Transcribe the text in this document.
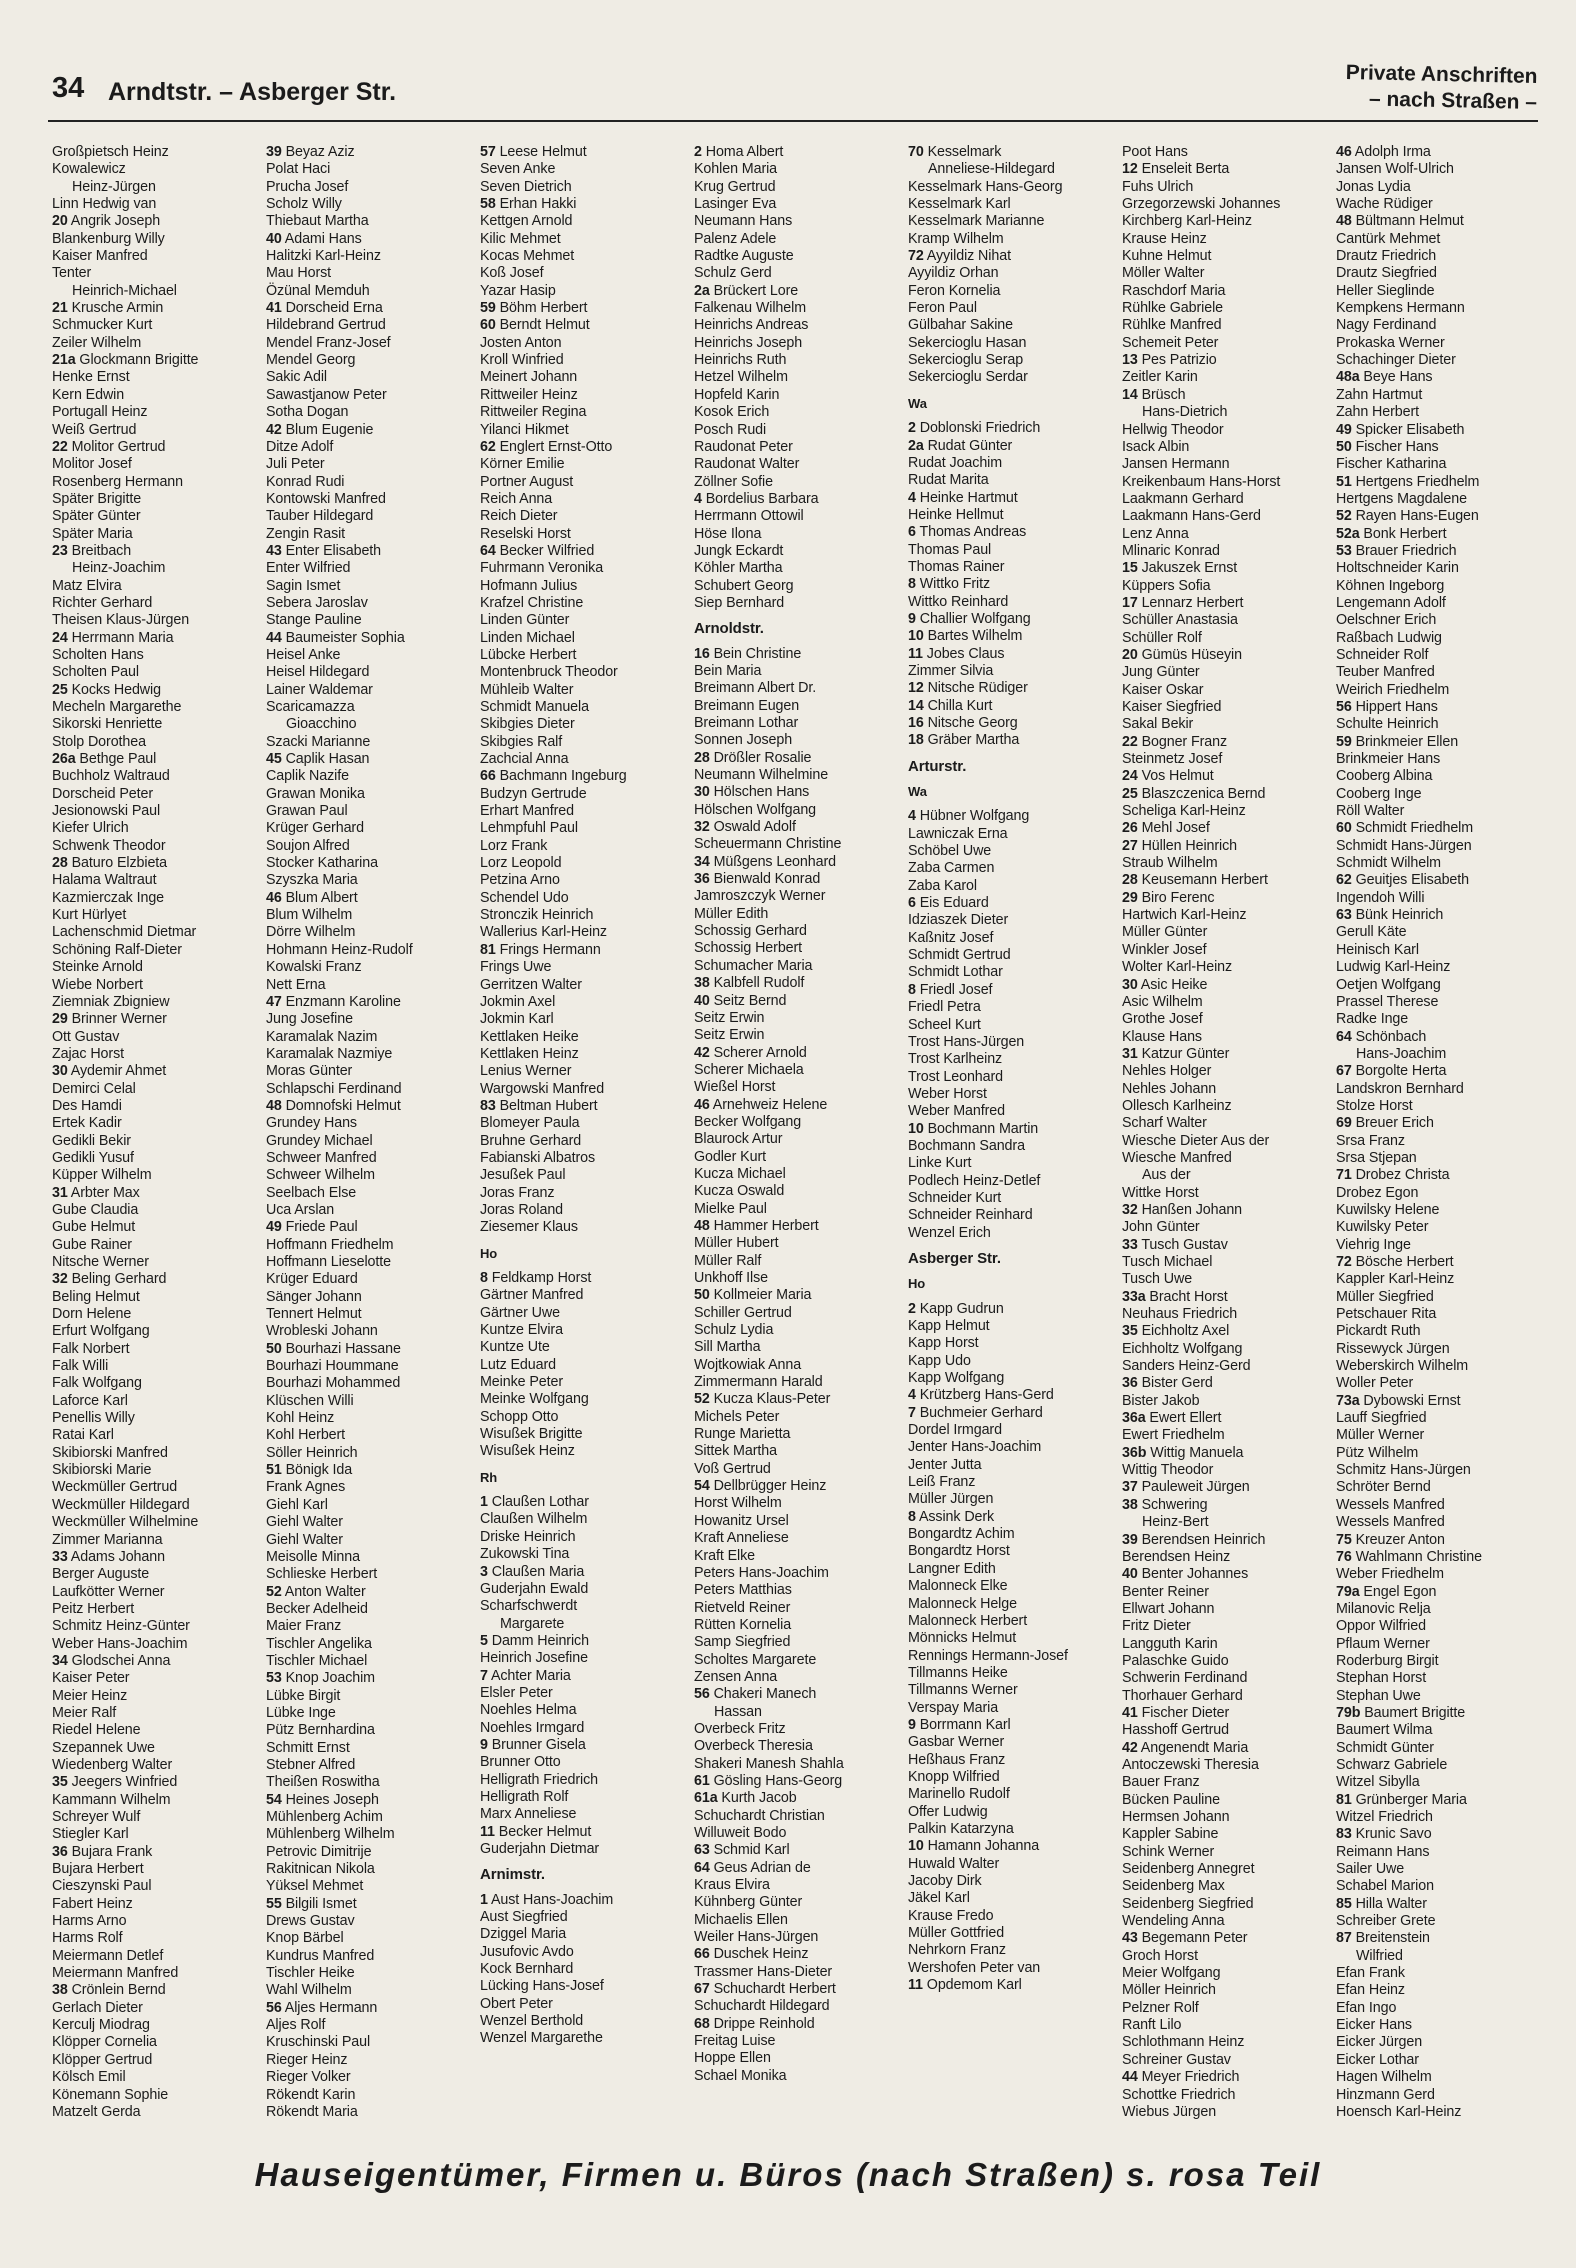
34 Arndtstr. – Asberger Str.
Private Anschriften
– nach Straßen –
Großpietsch Heinz
Kowalewicz
Heinz-Jürgen
Linn Hedwig van
20 Angrik Joseph
Blankenburg Willy
Kaiser Manfred
Tenter
Heinrich-Michael
21 Krusche Armin
Schmucker Kurt
Zeiler Wilhelm
21a Glockmann Brigitte
Henke Ernst
Kern Edwin
Portugall Heinz
Weiß Gertrud
22 Molitor Gertrud
Molitor Josef
Rosenberg Hermann
Später Brigitte
Später Günter
Später Maria
23 Breitbach
Heinz-Joachim
Matz Elvira
Richter Gerhard
Theisen Klaus-Jürgen
24 Herrmann Maria
Scholten Hans
Scholten Paul
25 Kocks Hedwig
Mecheln Margarethe
Sikorski Henriette
Stolp Dorothea
26a Bethge Paul
Buchholz Waltraud
Dorscheid Peter
Jesionowski Paul
Kiefer Ulrich
Schwenk Theodor
28 Baturo Elzbieta
Halama Waltraut
Kazmierczak Inge
Kurt Hürlyet
Lachenschmid Dietmar
Schöning Ralf-Dieter
Steinke Arnold
Wiebe Norbert
Ziemniak Zbigniew
29 Brinner Werner
Ott Gustav
Zajac Horst
30 Aydemir Ahmet
Demirci Celal
Des Hamdi
Ertek Kadir
Gedikli Bekir
Gedikli Yusuf
Küpper Wilhelm
31 Arbter Max
Gube Claudia
Gube Helmut
Gube Rainer
Nitsche Werner
32 Beling Gerhard
Beling Helmut
Dorn Helene
Erfurt Wolfgang
Falk Norbert
Falk Willi
Falk Wolfgang
Laforce Karl
Penellis Willy
Ratai Karl
Skibiorski Manfred
Skibiorski Marie
Weckmüller Gertrud
Weckmüller Hildegard
Weckmüller Wilhelmine
Zimmer Marianna
33 Adams Johann
Berger Auguste
Laufkötter Werner
Peitz Herbert
Schmitz Heinz-Günter
Weber Hans-Joachim
34 Glodschei Anna
Kaiser Peter
Meier Heinz
Meier Ralf
Riedel Helene
Szepannek Uwe
Wiedenberg Walter
35 Jeegers Winfried
Kammann Wilhelm
Schreyer Wulf
Stiegler Karl
36 Bujara Frank
Bujara Herbert
Cieszynski Paul
Fabert Heinz
Harms Arno
Harms Rolf
Meiermann Detlef
Meiermann Manfred
38 Crönlein Bernd
Gerlach Dieter
Kerculj Miodrag
Klöpper Cornelia
Klöpper Gertrud
Kölsch Emil
Könemann Sophie
Matzelt Gerda
39 Beyaz Aziz
Polat Haci
Prucha Josef
Scholz Willy
Thiebaut Martha
40 Adami Hans
Halitzki Karl-Heinz
Mau Horst
Özünal Memduh
41 Dorscheid Erna
Hildebrand Gertrud
Mendel Franz-Josef
Mendel Georg
Sakic Adil
Sawastjanow Peter
Sotha Dogan
42 Blum Eugenie
Ditze Adolf
Juli Peter
Konrad Rudi
Kontowski Manfred
Tauber Hildegard
Zengin Rasit
43 Enter Elisabeth
Enter Wilfried
Sagin Ismet
Sebera Jaroslav
Stange Pauline
44 Baumeister Sophia
Heisel Anke
Heisel Hildegard
Lainer Waldemar
Scaricamazza
Gioacchino
Szacki Marianne
45 Caplik Hasan
Caplik Nazife
Grawan Monika
Grawan Paul
Krüger Gerhard
Soujon Alfred
Stocker Katharina
Szyszka Maria
46 Blum Albert
Blum Wilhelm
Dörre Wilhelm
Hohmann Heinz-Rudolf
Kowalski Franz
Nett Erna
47 Enzmann Karoline
Jung Josefine
Karamalak Nazim
Karamalak Nazmiye
Moras Günter
Schlapschi Ferdinand
48 Domnofski Helmut
Grundey Hans
Grundey Michael
Schweer Manfred
Schweer Wilhelm
Seelbach Else
Uca Arslan
49 Friede Paul
Hoffmann Friedhelm
Hoffmann Lieselotte
Krüger Eduard
Sänger Johann
Tennert Helmut
Wrobleski Johann
50 Bourhazi Hassane
Bourhazi Hoummane
Bourhazi Mohammed
Klüschen Willi
Kohl Heinz
Kohl Herbert
Söller Heinrich
51 Bönigk Ida
Frank Agnes
Giehl Karl
Giehl Walter
Giehl Walter
Meisolle Minna
Schlieske Herbert
52 Anton Walter
Becker Adelheid
Maier Franz
Tischler Angelika
Tischler Michael
53 Knop Joachim
Lübke Birgit
Lübke Inge
Pütz Bernhardina
Schmitt Ernst
Stebner Alfred
Theißen Roswitha
54 Heines Joseph
Mühlenberg Achim
Mühlenberg Wilhelm
Petrovic Dimitrije
Rakitnican Nikola
Yüksel Mehmet
55 Bilgili Ismet
Drews Gustav
Knop Bärbel
Kundrus Manfred
Tischler Heike
Wahl Wilhelm
56 Aljes Hermann
Aljes Rolf
Kruschinski Paul
Rieger Heinz
Rieger Volker
Rökendt Karin
Rökendt Maria
57 Leese Helmut
Seven Anke
Seven Dietrich
58 Erhan Hakki
Kettgen Arnold
Kilic Mehmet
Kocas Mehmet
Koß Josef
Yazar Hasip
59 Böhm Herbert
60 Berndt Helmut
Josten Anton
Kroll Winfried
Meinert Johann
Rittweiler Heinz
Rittweiler Regina
Yilanci Hikmet
62 Englert Ernst-Otto
Körner Emilie
Portner August
Reich Anna
Reich Dieter
Reselski Horst
64 Becker Wilfried
Fuhrmann Veronika
Hofmann Julius
Krafzel Christine
Linden Günter
Linden Michael
Lübcke Herbert
Montenbruck Theodor
Mühleib Walter
Schmidt Manuela
Skibgies Dieter
Skibgies Ralf
Zachcial Anna
66 Bachmann Ingeburg
Budzyn Gertrude
Erhart Manfred
Lehmpfuhl Paul
Lorz Frank
Lorz Leopold
Petzina Arno
Schendel Udo
Stronczik Heinrich
Wallerius Karl-Heinz
81 Frings Hermann
Frings Uwe
Gerritzen Walter
Jokmin Axel
Jokmin Karl
Kettlaken Heike
Kettlaken Heinz
Lenius Werner
Wargowski Manfred
83 Beltman Hubert
Blomeyer Paula
Bruhne Gerhard
Fabianski Albatros
Jesußek Paul
Joras Franz
Joras Roland
Ziesemer Klaus
Ho
8 Feldkamp Horst
Gärtner Manfred
Gärtner Uwe
Kuntze Elvira
Kuntze Ute
Lutz Eduard
Meinke Peter
Meinke Wolfgang
Schopp Otto
Wisußek Brigitte
Wisußek Heinz
Rh
1 Claußen Lothar
Claußen Wilhelm
Driske Heinrich
Zukowski Tina
3 Claußen Maria
Guderjahn Ewald
Scharfschwerdt
Margarete
5 Damm Heinrich
Heinrich Josefine
7 Achter Maria
Elsler Peter
Noehles Helma
Noehles Irmgard
9 Brunner Gisela
Brunner Otto
Helligrath Friedrich
Helligrath Rolf
Marx Anneliese
11 Becker Helmut
Guderjahn Dietmar
Arnimstr.
1 Aust Hans-Joachim
Aust Siegfried
Dziggel Maria
Jusufovic Avdo
Kock Bernhard
Lücking Hans-Josef
Obert Peter
Wenzel Berthold
Wenzel Margarethe
2 Homa Albert
Kohlen Maria
Krug Gertrud
Lasinger Eva
Neumann Hans
Palenz Adele
Radtke Auguste
Schulz Gerd
2a Brückert Lore
Falkenau Wilhelm
Heinrichs Andreas
Heinrichs Joseph
Heinrichs Ruth
Hetzel Wilhelm
Hopfeld Karin
Kosok Erich
Posch Rudi
Raudonat Peter
Raudonat Walter
Zöllner Sofie
4 Bordelius Barbara
Herrmann Ottowil
Höse Ilona
Jungk Eckardt
Köhler Martha
Schubert Georg
Siep Bernhard
Arnoldstr.
16 Bein Christine
Bein Maria
Breimann Albert Dr.
Breimann Eugen
Breimann Lothar
Sonnen Joseph
28 Drößler Rosalie
Neumann Wilhelmine
30 Hölschen Hans
Hölschen Wolfgang
32 Oswald Adolf
Scheuermann Christine
34 Müßgens Leonhard
36 Bienwald Konrad
Jamroszczyk Werner
Müller Edith
Schossig Gerhard
Schossig Herbert
Schumacher Maria
38 Kalbfell Rudolf
40 Seitz Bernd
Seitz Erwin
Seitz Erwin
42 Scherer Arnold
Scherer Michaela
Wießel Horst
46 Arnehweiz Helene
Becker Wolfgang
Blaurock Artur
Godler Kurt
Kucza Michael
Kucza Oswald
Mielke Paul
48 Hammer Herbert
Müller Hubert
Müller Ralf
Unkhoff Ilse
50 Kollmeier Maria
Schiller Gertrud
Schulz Lydia
Sill Martha
Wojtkowiak Anna
Zimmermann Harald
52 Kucza Klaus-Peter
Michels Peter
Runge Marietta
Sittek Martha
Voß Gertrud
54 Dellbrügger Heinz
Horst Wilhelm
Howanitz Ursel
Kraft Anneliese
Kraft Elke
Peters Hans-Joachim
Peters Matthias
Rietveld Reiner
Rütten Kornelia
Samp Siegfried
Scholtes Margarete
Zensen Anna
56 Chakeri Manech
Hassan
Overbeck Fritz
Overbeck Theresia
Shakeri Manesh Shahla
61 Gösling Hans-Georg
61a Kurth Jacob
Schuchardt Christian
Willuweit Bodo
63 Schmid Karl
64 Geus Adrian de
Kraus Elvira
Kühnberg Günter
Michaelis Ellen
Weiler Hans-Jürgen
66 Duschek Heinz
Trassmer Hans-Dieter
67 Schuchardt Herbert
Schuchardt Hildegard
68 Drippe Reinhold
Freitag Luise
Hoppe Ellen
Schael Monika
70 Kesselmark
Anneliese-Hildegard
Kesselmark Hans-Georg
Kesselmark Karl
Kesselmark Marianne
Kramp Wilhelm
72 Ayyildiz Nihat
Ayyildiz Orhan
Feron Kornelia
Feron Paul
Gülbahar Sakine
Sekercioglu Hasan
Sekercioglu Serap
Sekercioglu Serdar
Wa
2 Doblonski Friedrich
2a Rudat Günter
Rudat Joachim
Rudat Marita
4 Heinke Hartmut
Heinke Hellmut
6 Thomas Andreas
Thomas Paul
Thomas Rainer
8 Wittko Fritz
Wittko Reinhard
9 Challier Wolfgang
10 Bartes Wilhelm
11 Jobes Claus
Zimmer Silvia
12 Nitsche Rüdiger
14 Chilla Kurt
16 Nitsche Georg
18 Gräber Martha
Arturstr.
Wa
4 Hübner Wolfgang
Lawniczak Erna
Schöbel Uwe
Zaba Carmen
Zaba Karol
6 Eis Eduard
Idziaszek Dieter
Kaßnitz Josef
Schmidt Gertrud
Schmidt Lothar
8 Friedl Josef
Friedl Petra
Scheel Kurt
Trost Hans-Jürgen
Trost Karlheinz
Trost Leonhard
Weber Horst
Weber Manfred
10 Bochmann Martin
Bochmann Sandra
Linke Kurt
Podlech Heinz-Detlef
Schneider Kurt
Schneider Reinhard
Wenzel Erich
Asberger Str.
Ho
2 Kapp Gudrun
Kapp Helmut
Kapp Horst
Kapp Udo
Kapp Wolfgang
4 Krützberg Hans-Gerd
7 Buchmeier Gerhard
Dordel Irmgard
Jenter Hans-Joachim
Jenter Jutta
Leiß Franz
Müller Jürgen
8 Assink Derk
Bongardtz Achim
Bongardtz Horst
Langner Edith
Malonneck Elke
Malonneck Helge
Malonneck Herbert
Mönnicks Helmut
Rennings Hermann-Josef
Tillmanns Heike
Tillmanns Werner
Verspay Maria
9 Borrmann Karl
Gasbar Werner
Heßhaus Franz
Knopp Wilfried
Marinello Rudolf
Offer Ludwig
Palkin Katarzyna
10 Hamann Johanna
Huwald Walter
Jacoby Dirk
Jäkel Karl
Krause Fredo
Müller Gottfried
Nehrkorn Franz
Wershofen Peter van
11 Opdemom Karl
Poot Hans
12 Enseleit Berta
Fuhs Ulrich
Grzegorzewski Johannes
Kirchberg Karl-Heinz
Krause Heinz
Kuhne Helmut
Möller Walter
Raschdorf Maria
Rühlke Gabriele
Rühlke Manfred
Schemeit Peter
13 Pes Patrizio
Zeitler Karin
14 Brüsch
Hans-Dietrich
Hellwig Theodor
Isack Albin
Jansen Hermann
Kreikenbaum Hans-Horst
Laakmann Gerhard
Laakmann Hans-Gerd
Lenz Anna
Mlinaric Konrad
15 Jakuszek Ernst
Küppers Sofia
17 Lennarz Herbert
Schüller Anastasia
Schüller Rolf
20 Gümüs Hüseyin
Jung Günter
Kaiser Oskar
Kaiser Siegfried
Sakal Bekir
22 Bogner Franz
Steinmetz Josef
24 Vos Helmut
25 Blaszczenica Bernd
Scheliga Karl-Heinz
26 Mehl Josef
27 Hüllen Heinrich
Straub Wilhelm
28 Keusemann Herbert
29 Biro Ferenc
Hartwich Karl-Heinz
Müller Günter
Winkler Josef
Wolter Karl-Heinz
30 Asic Heike
Asic Wilhelm
Grothe Josef
Klause Hans
31 Katzur Günter
Nehles Holger
Nehles Johann
Ollesch Karlheinz
Scharf Walter
Wiesche Dieter Aus der
Wiesche Manfred
Aus der
Wittke Horst
32 Hanßen Johann
John Günter
33 Tusch Gustav
Tusch Michael
Tusch Uwe
33a Bracht Horst
Neuhaus Friedrich
35 Eichholtz Axel
Eichholtz Wolfgang
Sanders Heinz-Gerd
36 Bister Gerd
Bister Jakob
36a Ewert Ellert
Ewert Friedhelm
36b Wittig Manuela
Wittig Theodor
37 Pauleweit Jürgen
38 Schwering
Heinz-Bert
39 Berendsen Heinrich
Berendsen Heinz
40 Benter Johannes
Benter Reiner
Ellwart Johann
Fritz Dieter
Langguth Karin
Palaschke Guido
Schwerin Ferdinand
Thorhauer Gerhard
41 Fischer Dieter
Hasshoff Gertrud
42 Angenendt Maria
Antoczewski Theresia
Bauer Franz
Bücken Pauline
Hermsen Johann
Kappler Sabine
Schink Werner
Seidenberg Annegret
Seidenberg Max
Seidenberg Siegfried
Wendeling Anna
43 Begemann Peter
Groch Horst
Meier Wolfgang
Möller Heinrich
Pelzner Rolf
Ranft Lilo
Schlothmann Heinz
Schreiner Gustav
44 Meyer Friedrich
Schottke Friedrich
Wiebus Jürgen
46 Adolph Irma
Jansen Wolf-Ulrich
Jonas Lydia
Wache Rüdiger
48 Bültmann Helmut
Cantürk Mehmet
Drautz Friedrich
Drautz Siegfried
Heller Sieglinde
Kempkens Hermann
Nagy Ferdinand
Prokaska Werner
Schachinger Dieter
48a Beye Hans
Zahn Hartmut
Zahn Herbert
49 Spicker Elisabeth
50 Fischer Hans
Fischer Katharina
51 Hertgens Friedhelm
Hertgens Magdalene
52 Rayen Hans-Eugen
52a Bonk Herbert
53 Brauer Friedrich
Holtschneider Karin
Köhnen Ingeborg
Lengemann Adolf
Oelschner Erich
Raßbach Ludwig
Schneider Rolf
Teuber Manfred
Weirich Friedhelm
56 Hippert Hans
Schulte Heinrich
59 Brinkmeier Ellen
Brinkmeier Hans
Cooberg Albina
Cooberg Inge
Röll Walter
60 Schmidt Friedhelm
Schmidt Hans-Jürgen
Schmidt Wilhelm
62 Geuitjes Elisabeth
Ingendoh Willi
63 Bünk Heinrich
Gerull Käte
Heinisch Karl
Ludwig Karl-Heinz
Oetjen Wolfgang
Prassel Therese
Radke Inge
64 Schönbach
Hans-Joachim
67 Borgolte Herta
Landskron Bernhard
Stolze Horst
69 Breuer Erich
Srsa Franz
Srsa Stjepan
71 Drobez Christa
Drobez Egon
Kuwilsky Helene
Kuwilsky Peter
Viehrig Inge
72 Bösche Herbert
Kappler Karl-Heinz
Müller Siegfried
Petschauer Rita
Pickardt Ruth
Rissewyck Jürgen
Weberskirch Wilhelm
Woller Peter
73a Dybowski Ernst
Lauff Siegfried
Müller Werner
Pütz Wilhelm
Schmitz Hans-Jürgen
Schröter Bernd
Wessels Manfred
Wessels Manfred
75 Kreuzer Anton
76 Wahlmann Christine
Weber Friedhelm
79a Engel Egon
Milanovic Relja
Oppor Wilfried
Pflaum Werner
Roderburg Birgit
Stephan Horst
Stephan Uwe
79b Baumert Brigitte
Baumert Wilma
Schmidt Günter
Schwarz Gabriele
Witzel Sibylla
81 Grünberger Maria
Witzel Friedrich
83 Krunic Savo
Reimann Hans
Sailer Uwe
Schabel Marion
85 Hilla Walter
Schreiber Grete
87 Breitenstein
Wilfried
Efan Frank
Efan Heinz
Efan Ingo
Eicker Hans
Eicker Jürgen
Eicker Lothar
Hagen Wilhelm
Hinzmann Gerd
Hoensch Karl-Heinz
Hauseigentümer, Firmen u. Büros (nach Straßen) s. rosa Teil
